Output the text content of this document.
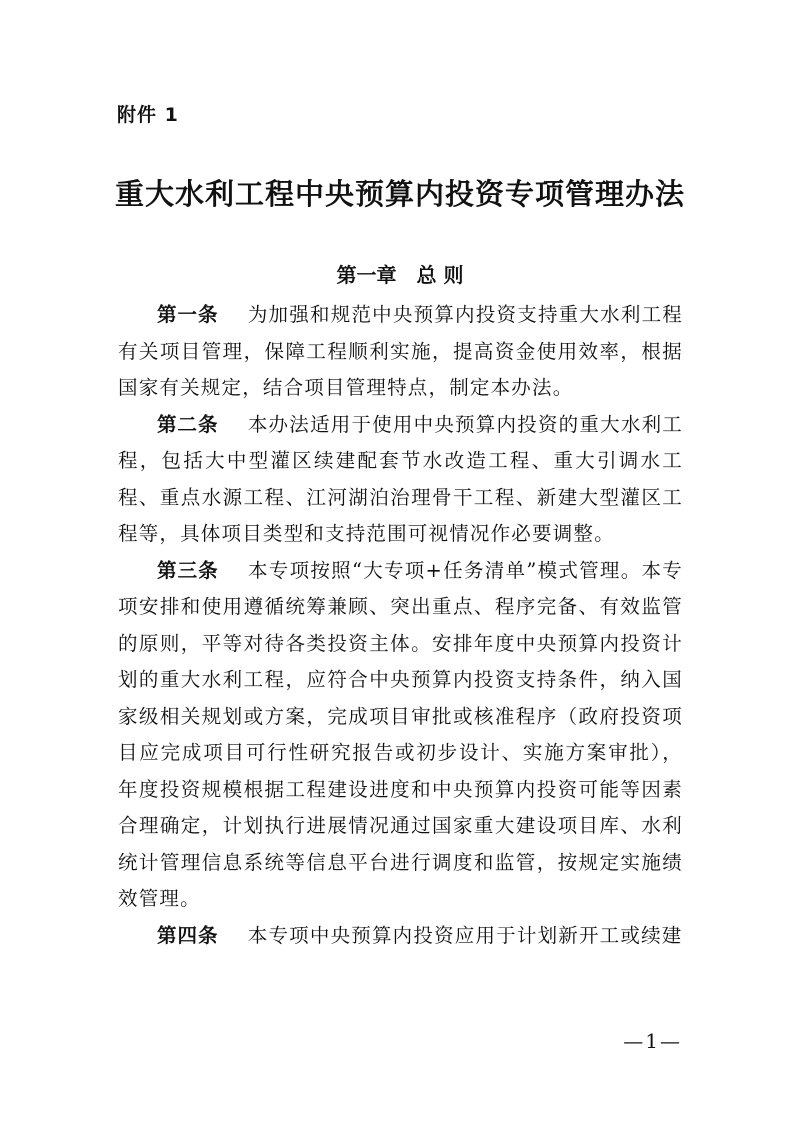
附件 1
重大水利工程中央预算内投资专项管理办法
第一章　总 则

第一条 为加强和规范中央预算内投资支持重大水利工程有关项目管理，保障工程顺利实施，提高资金使用效率，根据国家有关规定，结合项目管理特点，制定本办法。

第二条 本办法适用于使用中央预算内投资的重大水利工程，包括大中型灌区续建配套节水改造工程、重大引调水工程、重点水源工程、江河湖泊治理骨干工程、新建大型灌区工程等，具体项目类型和支持范围可视情况作必要调整。

第三条 本专项按照“大专项+任务清单”模式管理。本专项安排和使用遵循统筹兼顾、突出重点、程序完备、有效监管的原则，平等对待各类投资主体。安排年度中央预算内投资计划的重大水利工程，应符合中央预算内投资支持条件，纳入国家级相关规划或方案，完成项目审批或核准程序（政府投资项目应完成项目可行性研究报告或初步设计、实施方案审批），年度投资规模根据工程建设进度和中央预算内投资可能等因素合理确定，计划执行进展情况通过国家重大建设项目库、水利统计管理信息系统等信息平台进行调度和监管，按规定实施绩效管理。

第四条 本专项中央预算内投资应用于计划新开工或续建

—1—
